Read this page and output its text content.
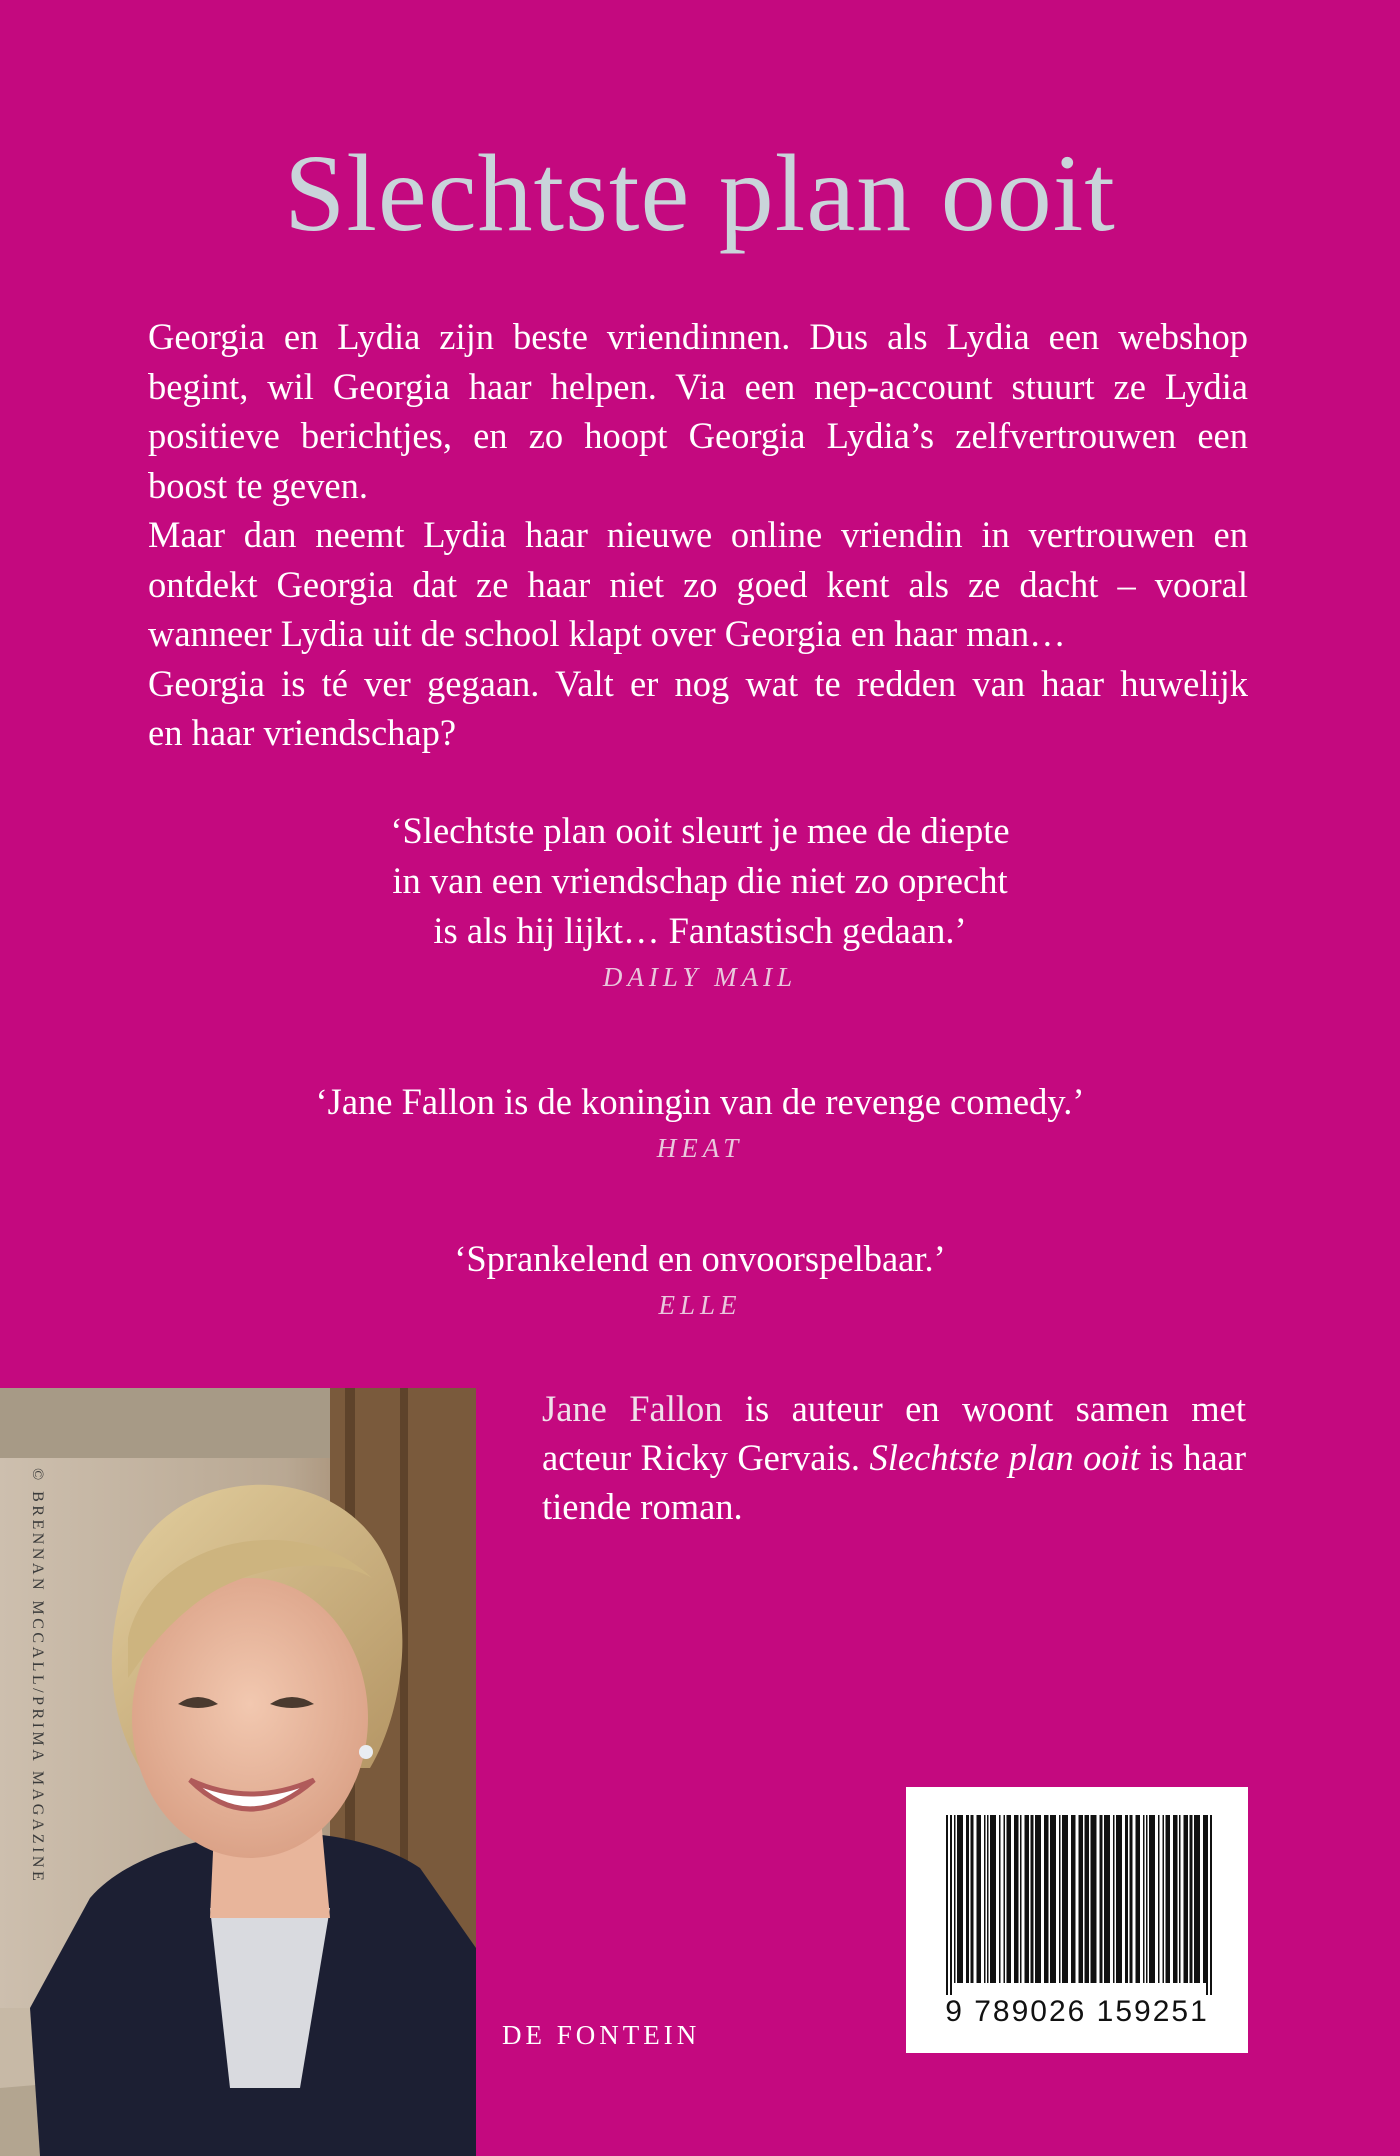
Slechtste plan ooit

Georgia en Lydia zijn beste vriendinnen. Dus als Lydia een webshop
begint, wil Georgia haar helpen. Via een nep-account stuurt ze Lydia
positieve berichtjes, en zo hoopt Georgia Lydia’s zelfvertrouwen een
boost te geven.

Maar dan neemt Lydia haar nieuwe online vriendin in vertrouwen en
ontdekt Georgia dat ze haar niet zo goed kent als ze dacht – vooral
wanneer Lydia uit de school klapt over Georgia en haar man…

Georgia is té ver gegaan. Valt er nog wat te redden van haar huwelijk
en haar vriendschap?

‘Slechtste plan ooit sleurt je mee de diepte
in van een vriendschap die niet zo oprecht
is als hij lijkt… Fantastisch gedaan.’

DAILY MAIL

‘Jane Fallon is de koningin van de revenge comedy.’

HEAT

‘Sprankelend en onvoorspelbaar.’

ELLE
© BRENNAN MCCALL/PRIMA MAGAZINE
Jane Fallon is auteur en woont samen met
acteur Ricky Gervais. Slechtste plan ooit is haar
tiende roman.
9 789026 159251
DE FONTEIN
